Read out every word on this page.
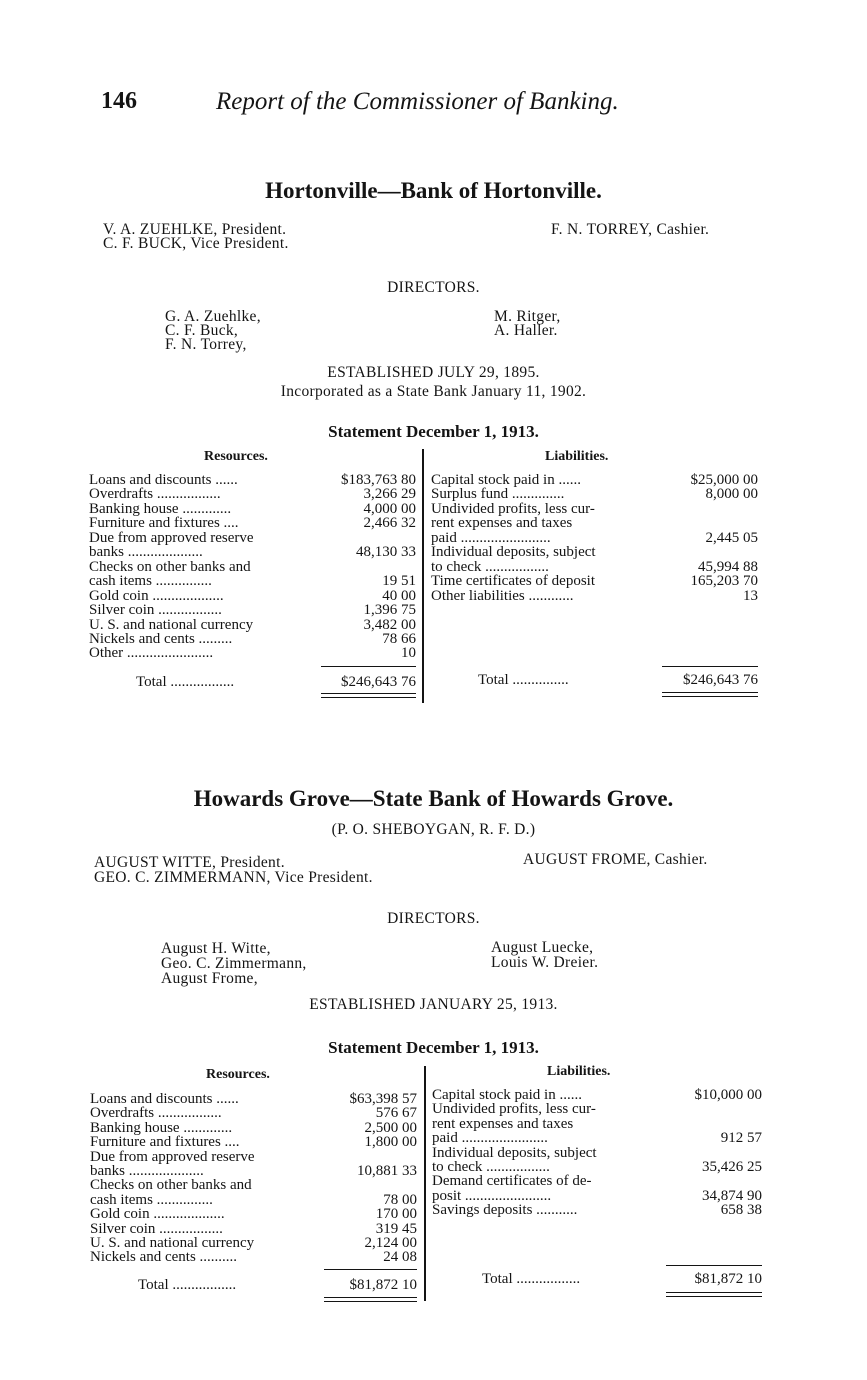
146	Report of the Commissioner of Banking.
Hortonville—Bank of Hortonville.
V. A. ZUEHLKE, President.
C. F. BUCK, Vice President.
F. N. TORREY, Cashier.
DIRECTORS.
G. A. Zuehlke,
C. F. Buck,
F. N. Torrey,
M. Ritger,
A. Haller.
ESTABLISHED JULY 29, 1895.
Incorporated as a State Bank January 11, 1902.
Statement December 1, 1913.
Resources.	Liabilities.
Loans and discounts ......	$183,763 80
Overdrafts .................	3,266 29
Banking house .............	4,000 00
Furniture and fixtures ....	2,466 32
Due from approved reserve
banks ....................	48,130 33
Checks on other banks and
cash items ...............	19 51
Gold coin ...................	40 00
Silver coin .................	1,396 75
U. S. and national currency	3,482 00
Nickels and cents .........	78 66
Other .......................	10
Capital stock paid in ......	$25,000 00
Surplus fund ..............	8,000 00
Undivided profits, less cur-
rent expenses and taxes
paid ........................	2,445 05
Individual deposits, subject
to check .................	45,994 88
Time certificates of deposit	165,203 70
Other liabilities ............	13
Total .................	$246,643 76	Total ...............	$246,643 76
Howards Grove—State Bank of Howards Grove.
(P. O. SHEBOYGAN, R. F. D.)
AUGUST WITTE, President.
GEO. C. ZIMMERMANN, Vice President.
AUGUST FROME, Cashier.
DIRECTORS.
August H. Witte,
Geo. C. Zimmermann,
August Frome,
August Luecke,
Louis W. Dreier.
ESTABLISHED JANUARY 25, 1913.
Statement December 1, 1913.
Resources.	Liabilities.
Loans and discounts ......	$63,398 57
Overdrafts .................	576 67
Banking house .............	2,500 00
Furniture and fixtures ....	1,800 00
Due from approved reserve
banks ....................	10,881 33
Checks on other banks and
cash items ...............	78 00
Gold coin ...................	170 00
Silver coin .................	319 45
U. S. and national currency	2,124 00
Nickels and cents ..........	24 08
Capital stock paid in ......	$10,000 00
Undivided profits, less cur-
rent expenses and taxes
paid .......................	912 57
Individual deposits, subject
to check .................	35,426 25
Demand certificates of de-
posit .......................	34,874 90
Savings deposits ...........	658 38
Total .................	$81,872 10	Total .................	$81,872 10
